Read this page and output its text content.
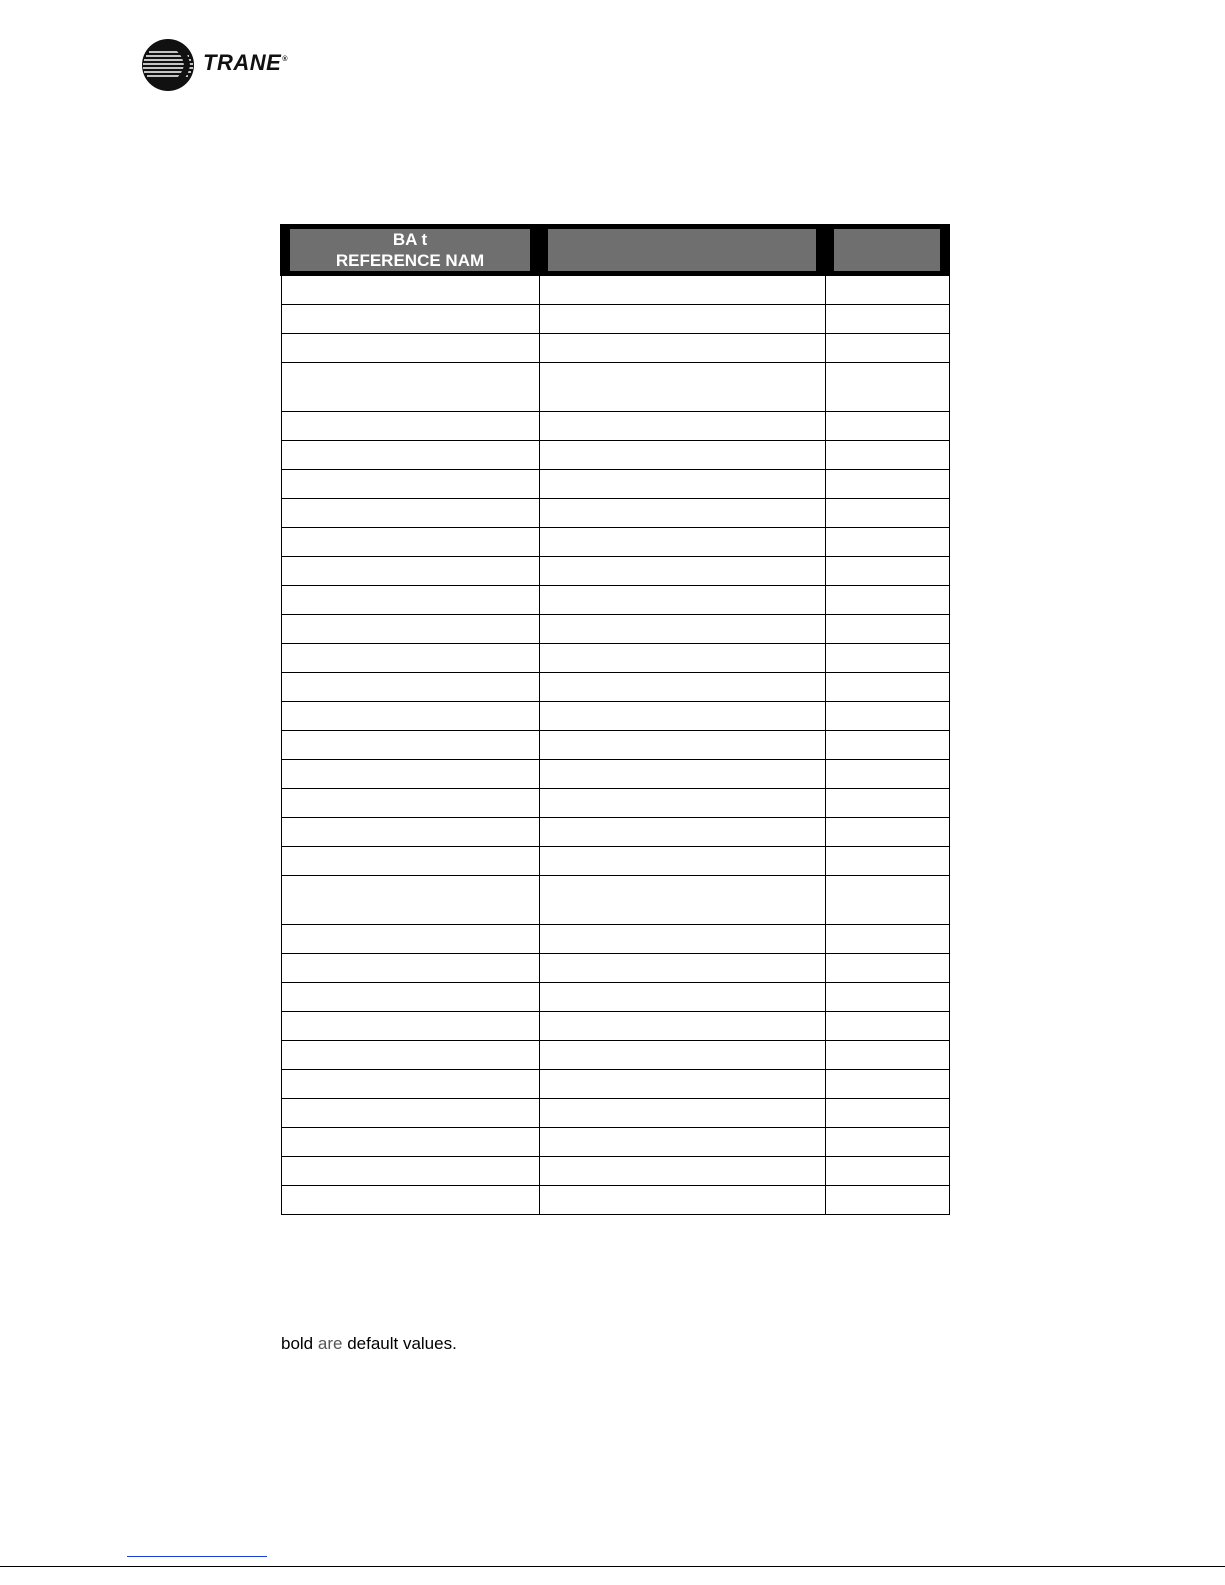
TRANE®
BA t
REFERENCE NAM		

bold are default values.
